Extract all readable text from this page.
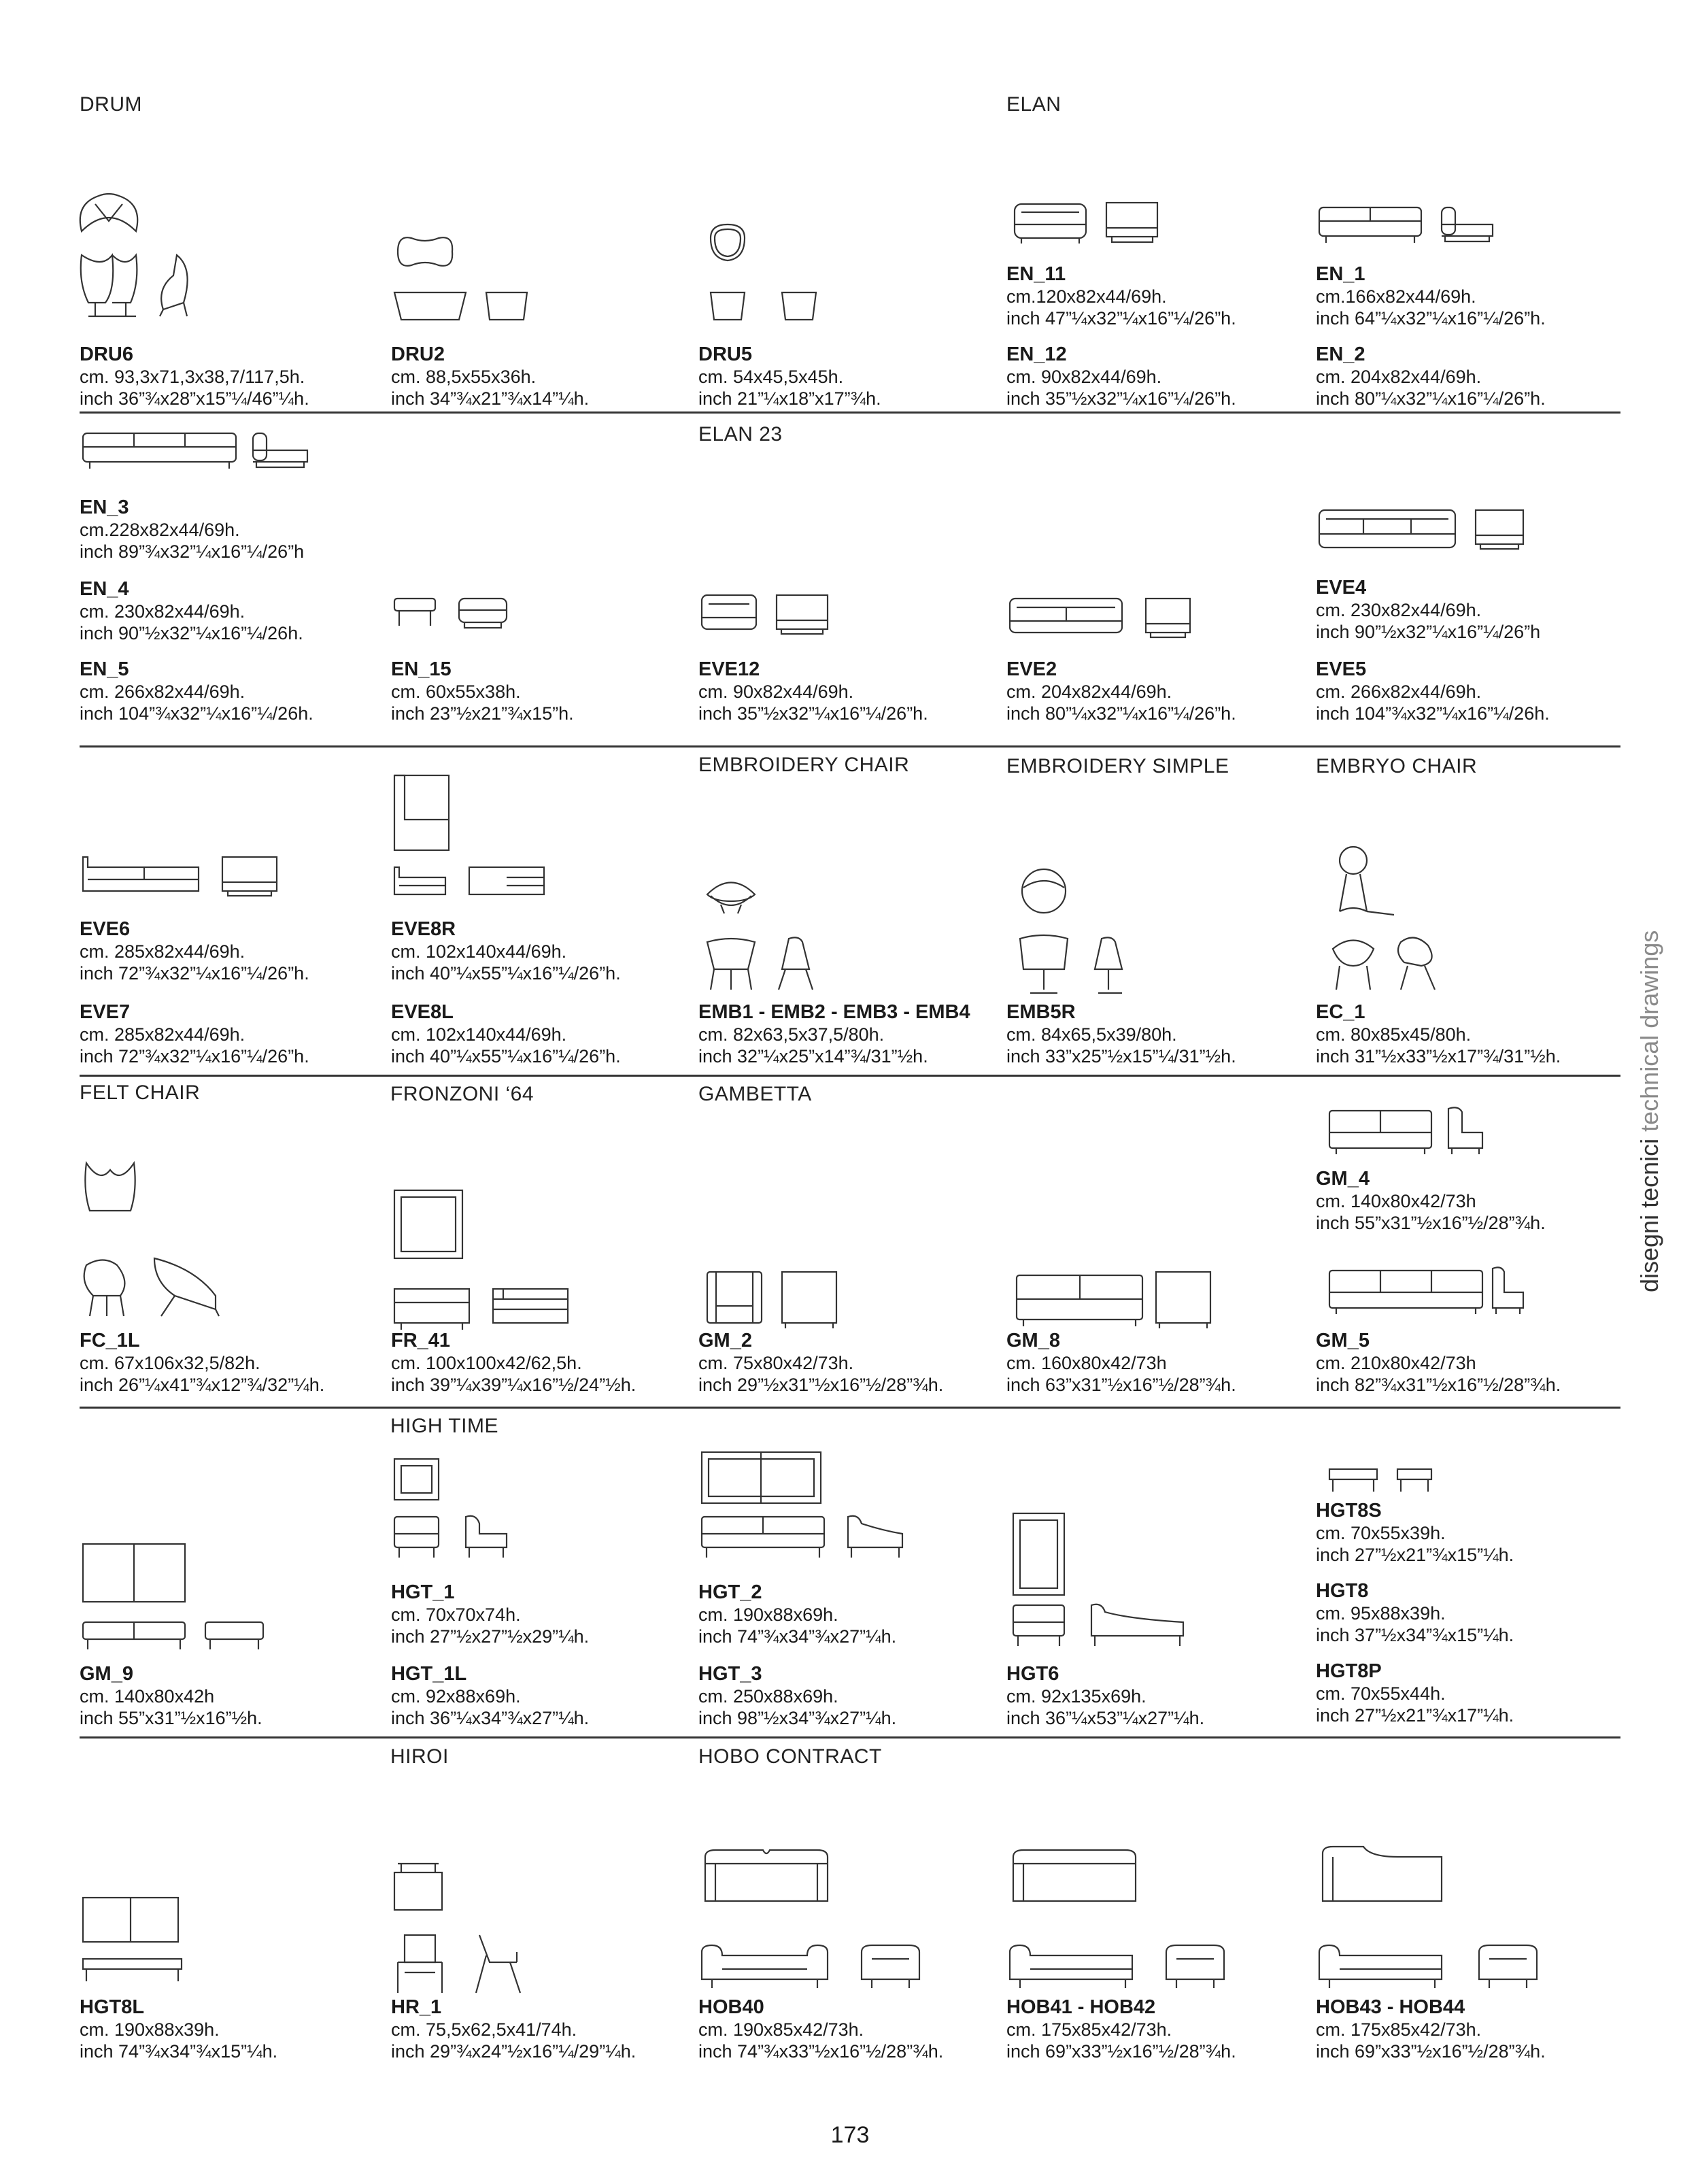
DRUM	ELAN
ELAN 23
EMBROIDERY CHAIR	EMBROIDERY SIMPLE	EMBRYO CHAIR
FELT CHAIR	FRONZONI ‘64	GAMBETTA
HIGH TIME
HIROI	HOBO CONTRACT
DRU6
cm. 93,3x71,3x38,7/117,5h.
inch 36”¾x28”x15”¼/46”¼h.
DRU2
cm. 88,5x55x36h.
inch 34”¾x21”¾x14”¼h.
DRU5
cm. 54x45,5x45h.
inch 21”¼x18”x17”¾h.
EN_11
cm.120x82x44/69h.
inch 47”¼x32”¼x16”¼/26”h.
EN_12
cm. 90x82x44/69h.
inch 35”½x32”¼x16”¼/26”h.
EN_1
cm.166x82x44/69h.
inch 64”¼x32”¼x16”¼/26”h.
EN_2
cm. 204x82x44/69h.
inch 80”¼x32”¼x16”¼/26”h.
EN_3
cm.228x82x44/69h.
inch 89”¾x32”¼x16”¼/26”h
EN_4
cm. 230x82x44/69h.
inch 90”½x32”¼x16”¼/26h.
EN_5
cm. 266x82x44/69h.
inch 104”¾x32”¼x16”¼/26h.
EN_15
cm. 60x55x38h.
inch 23”½x21”¾x15”h.
EVE12
cm. 90x82x44/69h.
inch 35”½x32”¼x16”¼/26”h.
EVE2
cm. 204x82x44/69h.
inch 80”¼x32”¼x16”¼/26”h.
EVE4
cm. 230x82x44/69h.
inch 90”½x32”¼x16”¼/26”h
EVE5
cm. 266x82x44/69h.
inch 104”¾x32”¼x16”¼/26h.
EVE6
cm. 285x82x44/69h.
inch 72”¾x32”¼x16”¼/26”h.
EVE7
cm. 285x82x44/69h.
inch 72”¾x32”¼x16”¼/26”h.
EVE8R
cm. 102x140x44/69h.
inch 40”¼x55”¼x16”¼/26”h.
EVE8L
cm. 102x140x44/69h.
inch 40”¼x55”¼x16”¼/26”h.
EMB1 - EMB2 - EMB3 - EMB4
cm. 82x63,5x37,5/80h.
inch 32”¼x25”x14”¾/31”½h.
EMB5R
cm. 84x65,5x39/80h.
inch 33”x25”½x15”¼/31”½h.
EC_1
cm. 80x85x45/80h.
inch 31”½x33”½x17”¾/31”½h.
FC_1L
cm. 67x106x32,5/82h.
inch 26”¼x41”¾x12”¾/32”¼h.
FR_41
cm. 100x100x42/62,5h.
inch 39”¼x39”¼x16”½/24”½h.
GM_2
cm. 75x80x42/73h.
inch 29”½x31”½x16”½/28”¾h.
GM_8
cm. 160x80x42/73h
inch 63”x31”½x16”½/28”¾h.
GM_4
cm. 140x80x42/73h
inch 55”x31”½x16”½/28”¾h.
GM_5
cm. 210x80x42/73h
inch 82”¾x31”½x16”½/28”¾h.
GM_9
cm. 140x80x42h
inch 55”x31”½x16”½h.
HGT_1
cm. 70x70x74h.
inch 27”½x27”½x29”¼h.
HGT_1L
cm. 92x88x69h.
inch 36”¼x34”¾x27”¼h.
HGT_2
cm. 190x88x69h.
inch 74”¾x34”¾x27”¼h.
HGT_3
cm. 250x88x69h.
inch 98”½x34”¾x27”¼h.
HGT6
cm. 92x135x69h.
inch 36”¼x53”¼x27”¼h.
HGT8S
cm. 70x55x39h.
inch 27”½x21”¾x15”¼h.
HGT8
cm. 95x88x39h.
inch 37”½x34”¾x15”¼h.
HGT8P
cm. 70x55x44h.
inch 27”½x21”¾x17”¼h.
HGT8L
cm. 190x88x39h.
inch 74”¾x34”¾x15”¼h.
HR_1
cm. 75,5x62,5x41/74h.
inch 29”¾x24”½x16”¼/29”¼h.
HOB40
cm. 190x85x42/73h.
inch 74”¾x33”½x16”½/28”¾h.
HOB41 - HOB42
cm. 175x85x42/73h.
inch 69”x33”½x16”½/28”¾h.
HOB43 - HOB44
cm. 175x85x42/73h.
inch 69”x33”½x16”½/28”¾h.
disegni tecnici technical drawings
173
